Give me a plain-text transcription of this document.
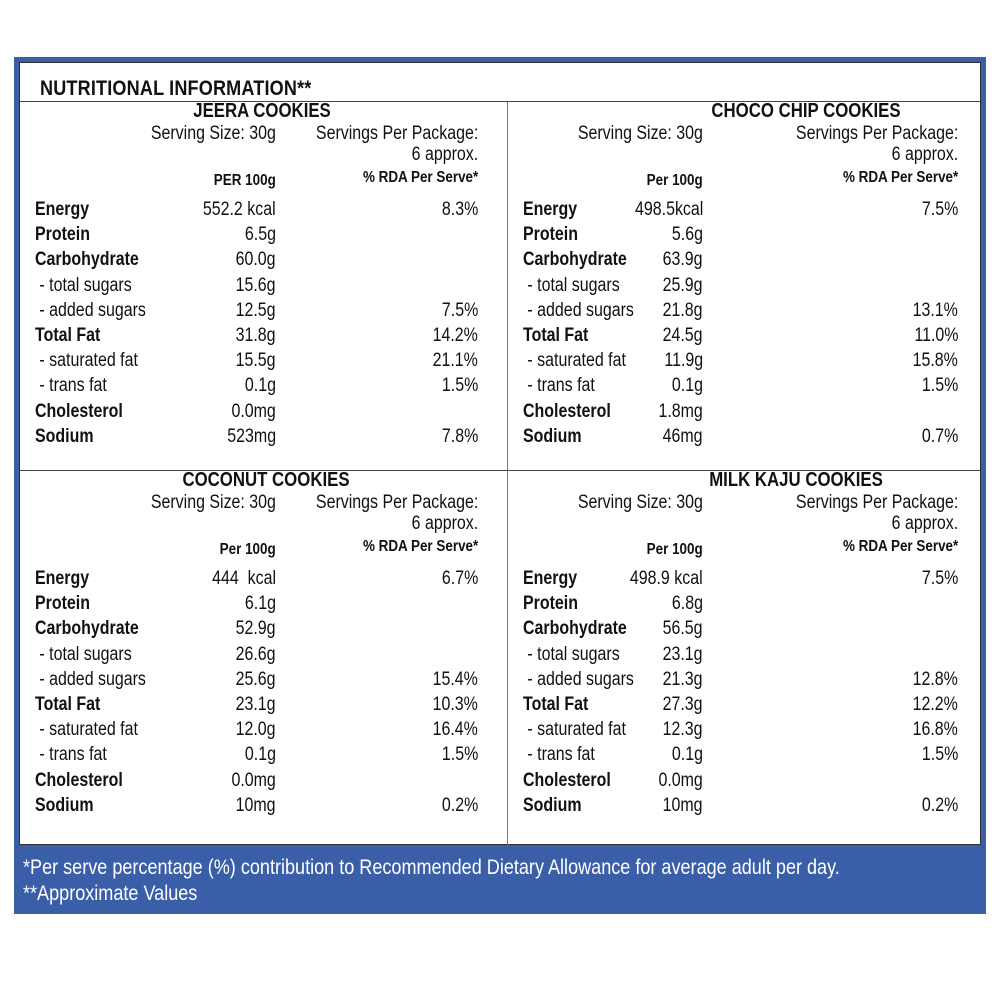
NUTRITIONAL INFORMATION**
JEERA COOKIES
Serving Size: 30g Servings Per Package:
6 approx.
PER 100g	% RDA Per Serve*
Energy	552.2 kcal	8.3%
Protein	6.5g
Carbohydrate	60.0g
- total sugars	15.6g
- added sugars	12.5g	7.5%
Total Fat	31.8g	14.2%
- saturated fat	15.5g	21.1%
- trans fat	0.1g	1.5%
Cholesterol	0.0mg
Sodium	523mg	7.8%
CHOCO CHIP COOKIES
Serving Size: 30g	Servings Per Package:
6 approx.
Per 100g	% RDA Per Serve*
Energy	498.5kcal	7.5%
Protein	5.6g
Carbohydrate 63.9g
- total sugars 25.9g
- added sugars 21.8g	13.1%
Total Fat	24.5g	11.0%
- saturated fat 11.9g	15.8%
- trans fat	0.1g	1.5%
Cholesterol	1.8mg
Sodium	46mg	0.7%
COCONUT COOKIES
Serving Size: 30g Servings Per Package:
6 approx.
Per 100g	% RDA Per Serve*
Energy	444  kcal	6.7%
Protein	6.1g
Carbohydrate	52.9g
- total sugars	26.6g
- added sugars	25.6g	15.4%
Total Fat	23.1g	10.3%
- saturated fat	12.0g	16.4%
- trans fat	0.1g	1.5%
Cholesterol	0.0mg
Sodium	10mg	0.2%
MILK KAJU COOKIES
Serving Size: 30g	Servings Per Package:
6 approx.
Per 100g	% RDA Per Serve*
Energy	498.9 kcal	7.5%
Protein	6.8g
Carbohydrate 56.5g
- total sugars 23.1g
- added sugars 21.3g	12.8%
Total Fat	27.3g	12.2%
- saturated fat 12.3g	16.8%
- trans fat	0.1g	1.5%
Cholesterol	0.0mg
Sodium	10mg	0.2%
*Per serve percentage (%) contribution to Recommended Dietary Allowance for average adult per day.
**Approximate Values
